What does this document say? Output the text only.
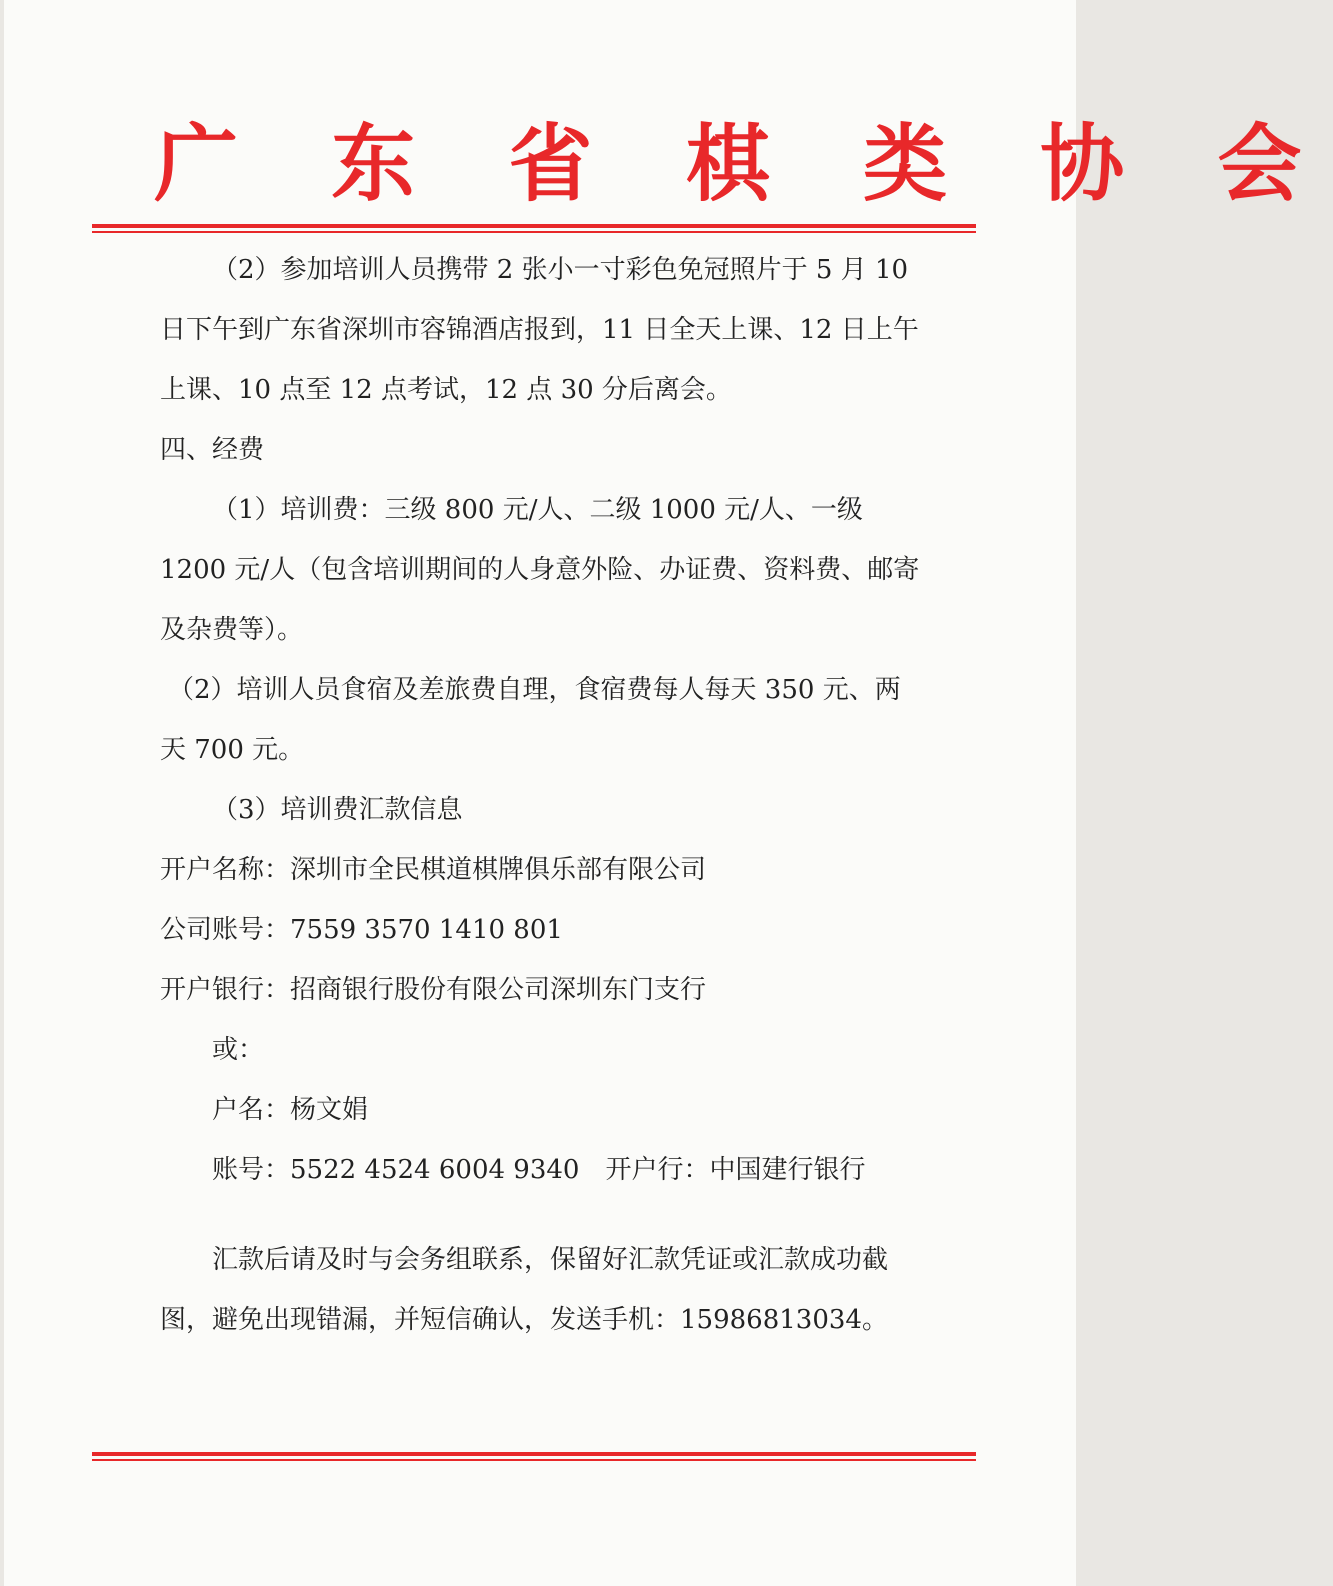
广 东 省 棋 类 协 会

（2）参加培训人员携带 2 张小一寸彩色免冠照片于 5 月 10 日下午到广东省深圳市容锦酒店报到，11 日全天上课、12 日上午上课、10 点至 12 点考试，12 点 30 分后离会。

四、经费

（1）培训费：三级 800 元/人、二级 1000 元/人、一级 1200 元/人（包含培训期间的人身意外险、办证费、资料费、邮寄及杂费等）。

（2）培训人员食宿及差旅费自理，食宿费每人每天 350 元、两天 700 元。

（3）培训费汇款信息

开户名称：深圳市全民棋道棋牌俱乐部有限公司

公司账号：7559 3570 1410 801

开户银行：招商银行股份有限公司深圳东门支行

或：

户名：杨文娟

账号：5522 4524 6004 9340 开户行：中国建行银行

汇款后请及时与会务组联系，保留好汇款凭证或汇款成功截图，避免出现错漏，并短信确认，发送手机：15986813034。
